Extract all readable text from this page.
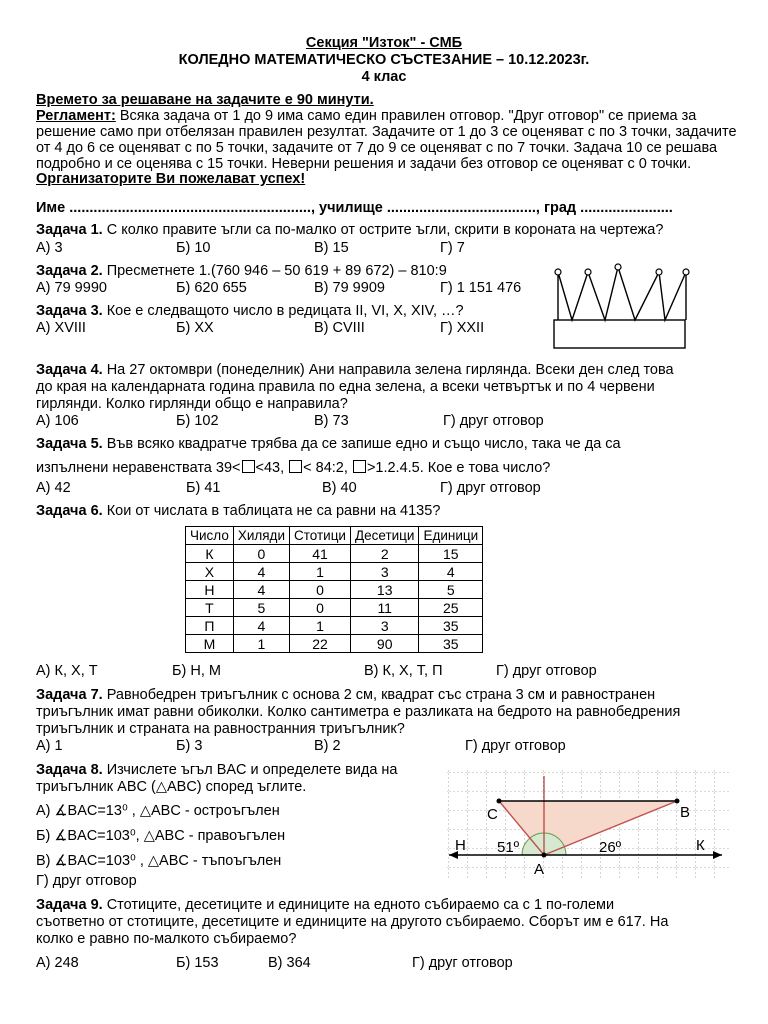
Секция "Изток" - СМБ
КОЛЕДНО МАТЕМАТИЧЕСКО СЪСТЕЗАНИЕ – 10.12.2023г.
4 клас
Времето за решаване на задачите е 90 минути.
Регламент: Всяка задача от 1 до 9 има само един правилен отговор. "Друг отговор" се приема за
решение само при отбелязан правилен резултат. Задачите от 1 до 3 се оценяват с по 3 точки, задачите
от 4 до 6 се оценяват с по 5 точки, задачите от 7 до 9 се оценяват с по 7 точки. Задача 10 се решава
подробно и се оценява с 15 точки. Неверни решения и задачи без отговор се оценяват с 0 точки.
Организаторите Ви пожелават успех!
Име ............................................................, училище ....................................., град .......................
Задача 1. С колко правите ъгли са по-малко от острите ъгли, скрити в короната на чертежа?
А) 3	Б) 10	В) 15	Г) 7
Задача 2. Пресметнете 1.(760 946 – 50 619 + 89 672) – 810:9
А) 79 9990	Б) 620 655	В) 79 9909	Г) 1 151 476
Задача 3. Кое е следващото число в редицата II, VI, X, XIV, …?
А) XVIII	Б) XX	В) CVIII	Г) XXII
Задача 4. На 27 октомври (понеделник) Ани направила зелена гирлянда. Всеки ден след това
до края на календарната година правила по една зелена, а всеки четвъртък и по 4 червени
гирлянди. Колко гирлянди общо е направила?
А) 106	Б) 102	В) 73	Г) друг отговор
Задача 5. Във всяко квадратче трябва да се запише едно и също число, така че да са
изпълнени неравенствата 39< <43, < 84:2, >1.2.4.5. Кое е това число?
А) 42	Б) 41	В) 40	Г) друг отговор
Задача 6. Кои от числата в таблицата не са равни на 4135?
Число	Хиляди	Стотици	Десетици	Единици
К	0	41	2	15
Х	4	1	3	4
Н	4	0	13	5
Т	5	0	11	25
П	4	1	3	35
М	1	22	90	35
А) К, Х, Т	Б) Н, М	В) К, Х, Т, П	Г) друг отговор
Задача 7. Равнобедрен триъгълник с основа 2 см, квадрат със страна 3 см и равностранен
триъгълник имат равни обиколки. Колко сантиметра е разликата на бедрото на равнобедрения
триъгълник и страната на равностранния триъгълник?
А) 1	Б) 3	В) 2	Г) друг отговор
Задача 8. Изчислете ъгъл BAC и определете вида на
триъгълник ABC (△ABC) според ъглите.
А) ∡BAC=13⁰ , △ABC - остроъгълен
Б) ∡BAC=103⁰, △ABC - правоъгълен
В) ∡BAC=103⁰ , △ABC - тъпоъгълен
Г) друг отговор
C	B
A
Н	К
51º	26º
Задача 9. Стотиците, десетиците и единиците на едното събираемо са с 1 по-големи
съответно от стотиците, десетиците и единиците на другото събираемо. Сборът им е 617. На
колко е равно по-малкото събираемо?
А) 248	Б) 153	В) 364	Г) друг отговор
